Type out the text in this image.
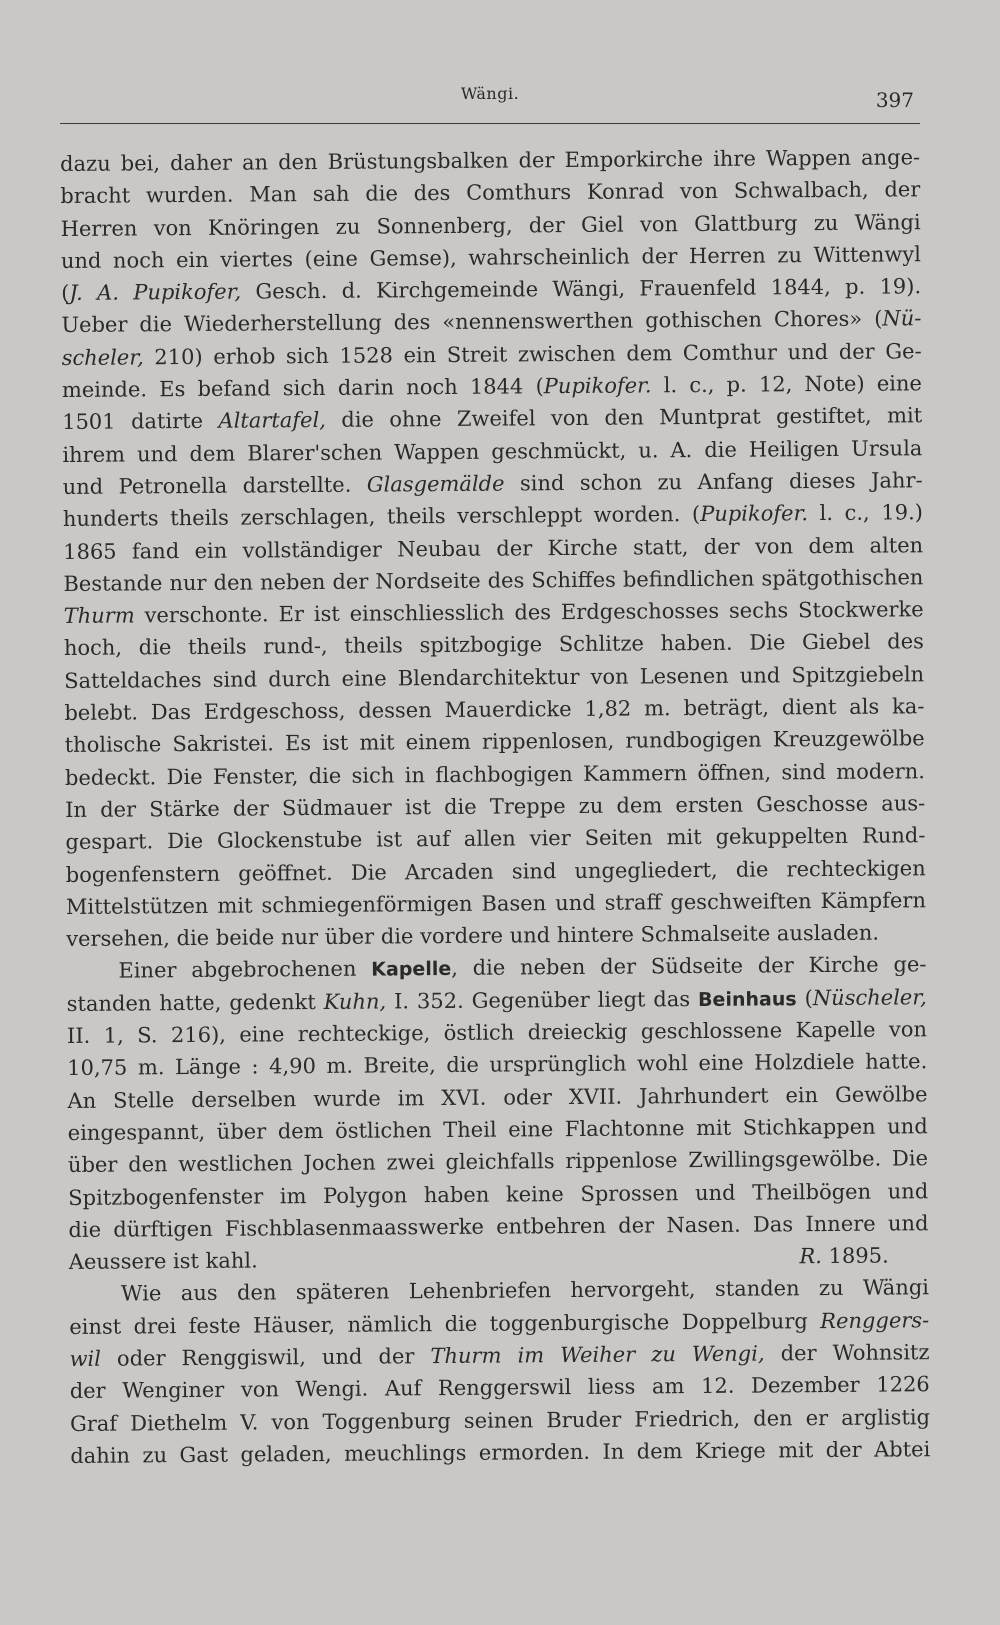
Wängi.	397
dazu bei, daher an den Brüstungsbalken der Emporkirche ihre Wappen ange-
bracht wurden. Man sah die des Comthurs Konrad von Schwalbach, der
Herren von Knöringen zu Sonnenberg, der Giel von Glattburg zu Wängi
und noch ein viertes (eine Gemse), wahrscheinlich der Herren zu Wittenwyl
(J. A. Pupikofer, Gesch. d. Kirchgemeinde Wängi, Frauenfeld 1844, p. 19).
Ueber die Wiederherstellung des «nennenswerthen gothischen Chores» (Nü-
scheler, 210) erhob sich 1528 ein Streit zwischen dem Comthur und der Ge-
meinde. Es befand sich darin noch 1844 (Pupikofer. l. c., p. 12, Note) eine
1501 datirte Altartafel, die ohne Zweifel von den Muntprat gestiftet, mit
ihrem und dem Blarer'schen Wappen geschmückt, u. A. die Heiligen Ursula
und Petronella darstellte. Glasgemälde sind schon zu Anfang dieses Jahr-
hunderts theils zerschlagen, theils verschleppt worden. (Pupikofer. l. c., 19.)
1865 fand ein vollständiger Neubau der Kirche statt, der von dem alten
Bestande nur den neben der Nordseite des Schiffes befindlichen spätgothischen
Thurm verschonte. Er ist einschliesslich des Erdgeschosses sechs Stockwerke
hoch, die theils rund-, theils spitzbogige Schlitze haben. Die Giebel des
Satteldaches sind durch eine Blendarchitektur von Lesenen und Spitzgiebeln
belebt. Das Erdgeschoss, dessen Mauerdicke 1,82 m. beträgt, dient als ka-
tholische Sakristei. Es ist mit einem rippenlosen, rundbogigen Kreuzgewölbe
bedeckt. Die Fenster, die sich in flachbogigen Kammern öffnen, sind modern.
In der Stärke der Südmauer ist die Treppe zu dem ersten Geschosse aus-
gespart. Die Glockenstube ist auf allen vier Seiten mit gekuppelten Rund-
bogenfenstern geöffnet. Die Arcaden sind ungegliedert, die rechteckigen
Mittelstützen mit schmiegenförmigen Basen und straff geschweiften Kämpfern
versehen, die beide nur über die vordere und hintere Schmalseite ausladen.
Einer abgebrochenen Kapelle, die neben der Südseite der Kirche ge-
standen hatte, gedenkt Kuhn, I. 352. Gegenüber liegt das Beinhaus (Nüscheler,
II. 1, S. 216), eine rechteckige, östlich dreieckig geschlossene Kapelle von
10,75 m. Länge : 4,90 m. Breite, die ursprünglich wohl eine Holzdiele hatte.
An Stelle derselben wurde im XVI. oder XVII. Jahrhundert ein Gewölbe
eingespannt, über dem östlichen Theil eine Flachtonne mit Stichkappen und
über den westlichen Jochen zwei gleichfalls rippenlose Zwillingsgewölbe. Die
Spitzbogenfenster im Polygon haben keine Sprossen und Theilbögen und
die dürftigen Fischblasenmaasswerke entbehren der Nasen. Das Innere und
Aeussere ist kahl.	R. 1895.
Wie aus den späteren Lehenbriefen hervorgeht, standen zu Wängi
einst drei feste Häuser, nämlich die toggenburgische Doppelburg Renggers-
wil oder Renggiswil, und der Thurm im Weiher zu Wengi, der Wohnsitz
der Wenginer von Wengi. Auf Renggerswil liess am 12. Dezember 1226
Graf Diethelm V. von Toggenburg seinen Bruder Friedrich, den er arglistig
dahin zu Gast geladen, meuchlings ermorden. In dem Kriege mit der Abtei
